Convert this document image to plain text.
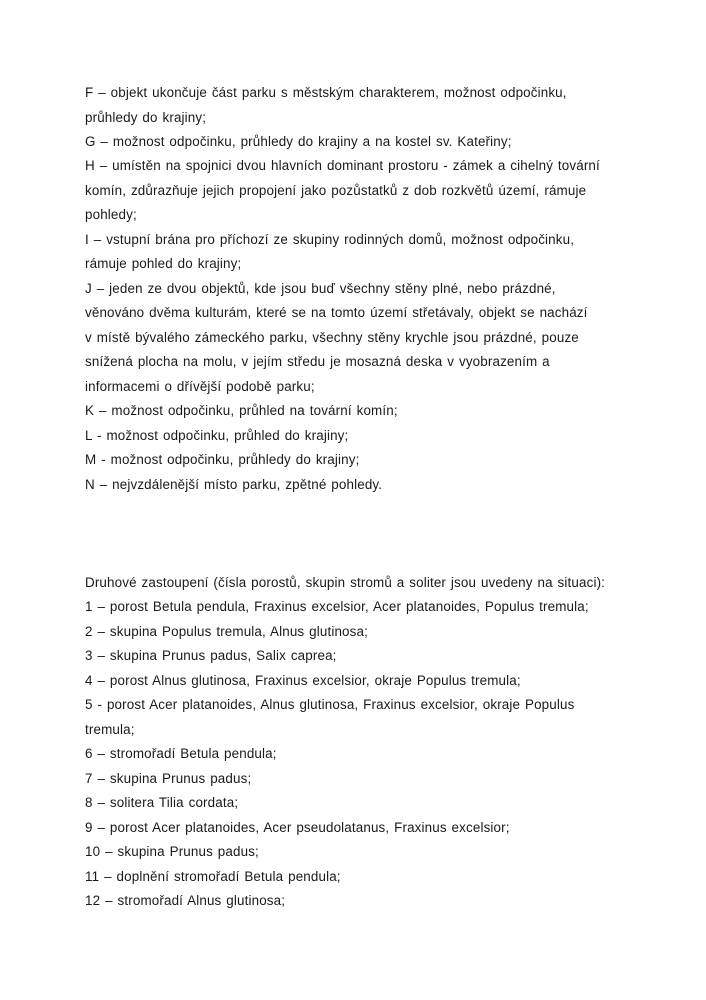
F – objekt ukončuje část parku s městským charakterem, možnost odpočinku,
průhledy do krajiny;
G – možnost odpočinku, průhledy do krajiny a na kostel sv. Kateřiny;
H – umístěn na spojnici dvou hlavních dominant prostoru - zámek a cihelný tovární
komín, zdůrazňuje jejich propojení jako pozůstatků z dob rozkvětů území, rámuje
pohledy;
I – vstupní brána pro příchozí ze skupiny rodinných domů, možnost odpočinku,
rámuje pohled do krajiny;
J – jeden ze dvou objektů, kde jsou buď všechny stěny plné, nebo prázdné,
věnováno dvěma kulturám, které se na tomto území střetávaly, objekt se nachází
v místě bývalého zámeckého parku, všechny stěny krychle jsou prázdné, pouze
snížená plocha na molu, v jejím středu je mosazná deska v vyobrazením a
informacemi o dřívější podobě parku;
K – možnost odpočinku, průhled na tovární komín;
L - možnost odpočinku, průhled do krajiny;
M - možnost odpočinku, průhledy do krajiny;
N – nejvzdálenější místo parku, zpětné pohledy.
Druhové zastoupení (čísla porostů, skupin stromů a soliter jsou uvedeny na situaci):
1 – porost Betula pendula, Fraxinus excelsior, Acer platanoides, Populus tremula;
2 – skupina Populus tremula, Alnus glutinosa;
3 – skupina Prunus padus, Salix caprea;
4 – porost Alnus glutinosa, Fraxinus excelsior, okraje Populus tremula;
5 - porost Acer platanoides, Alnus glutinosa, Fraxinus excelsior, okraje Populus
tremula;
6 – stromořadí Betula pendula;
7 – skupina Prunus padus;
8 – solitera Tilia cordata;
9 – porost Acer platanoides, Acer pseudolatanus, Fraxinus excelsior;
10 – skupina Prunus padus;
11 – doplnění stromořadí Betula pendula;
12 – stromořadí Alnus glutinosa;
